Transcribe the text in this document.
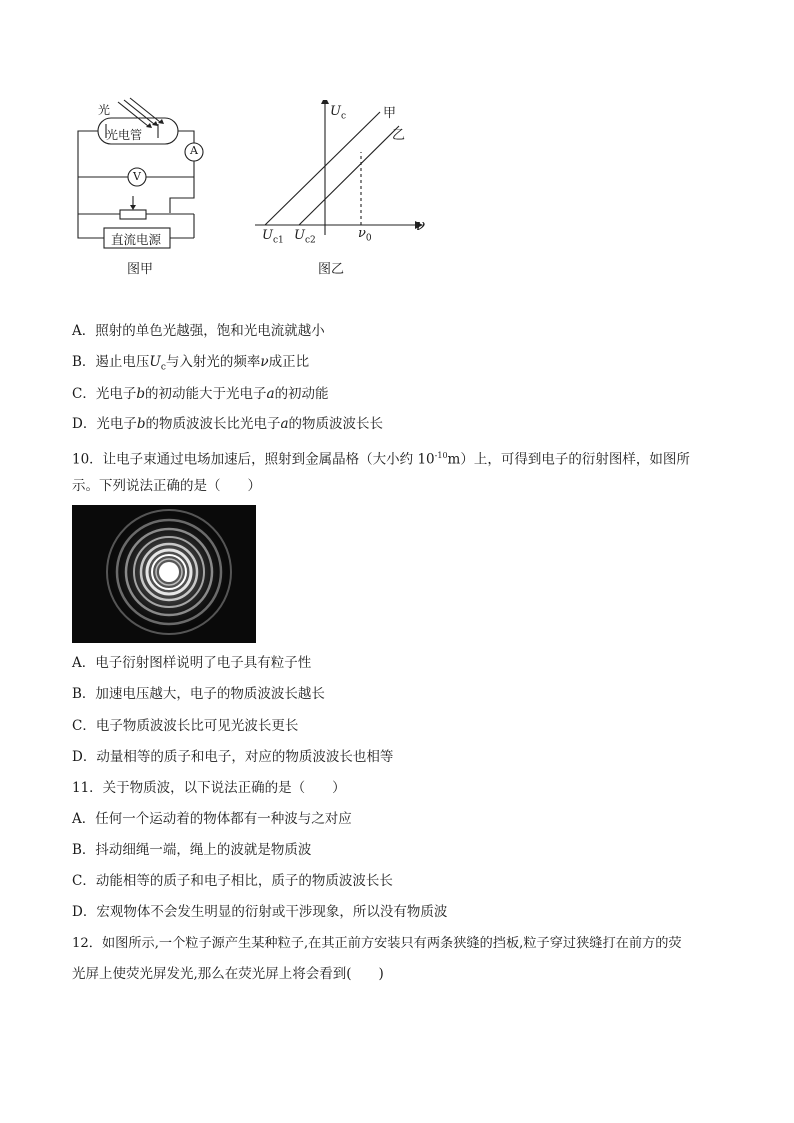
光
光电管
A
V
直流电源
图甲
$U_c$	甲
乙
ν
$U_{c1}$ $U_{c2}$	$\nu_0$
图乙
A．照射的单色光越强，饱和光电流就越小
B．遏止电压$U_c$与入射光的频率ν成正比
C．光电子b的初动能大于光电子a的初动能
D．光电子b的物质波波长比光电子a的物质波波长长
10．让电子束通过电场加速后，照射到金属晶格（大小约 $10^{-10}m$）上，可得到电子的衍射图样，如图所
示。下列说法正确的是（　　）
A．电子衍射图样说明了电子具有粒子性
B．加速电压越大，电子的物质波波长越长
C．电子物质波波长比可见光波长更长
D．动量相等的质子和电子，对应的物质波波长也相等
11．关于物质波，以下说法正确的是（　　）
A．任何一个运动着的物体都有一种波与之对应
B．抖动细绳一端，绳上的波就是物质波
C．动能相等的质子和电子相比，质子的物质波波长长
D．宏观物体不会发生明显的衍射或干涉现象，所以没有物质波
12．如图所示,一个粒子源产生某种粒子,在其正前方安装只有两条狭缝的挡板,粒子穿过狭缝打在前方的荧
光屏上使荧光屏发光,那么在荧光屏上将会看到(　　)
